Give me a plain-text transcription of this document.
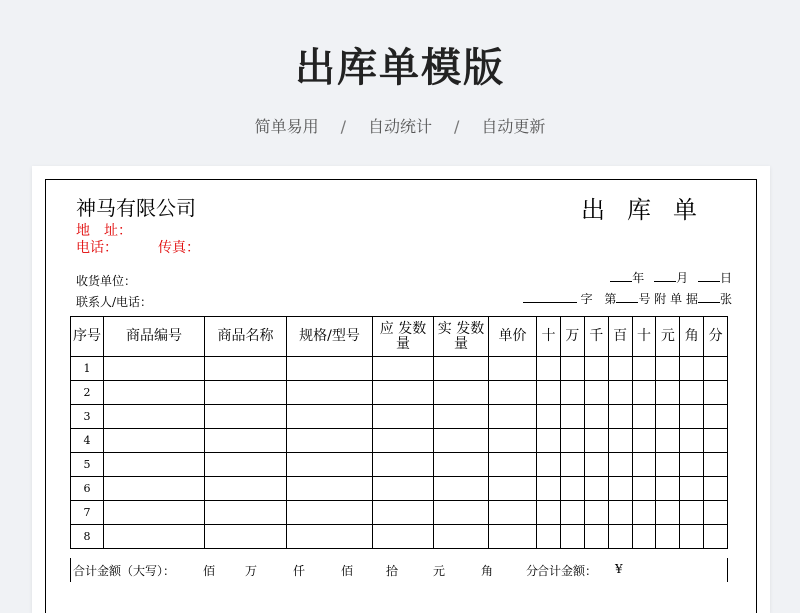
出库单模版
简单易用 / 自动统计 / 自动更新
神马有限公司	出库单
地　址：
电话：	传真：
收货单位：
联系人/电话：
年	月	日
字 第 号 附 单 据 张
序号	商品编号	商品名称	规格/型号	应 发数量	实 发数 量	单价	十	万	千	百	十	元	角	分
1														
2														
3														
4														
5														
6														
7														
8														
合计金额（大写）： 佰 万	仟	佰	拾	元	角	分
合计金额： ¥
